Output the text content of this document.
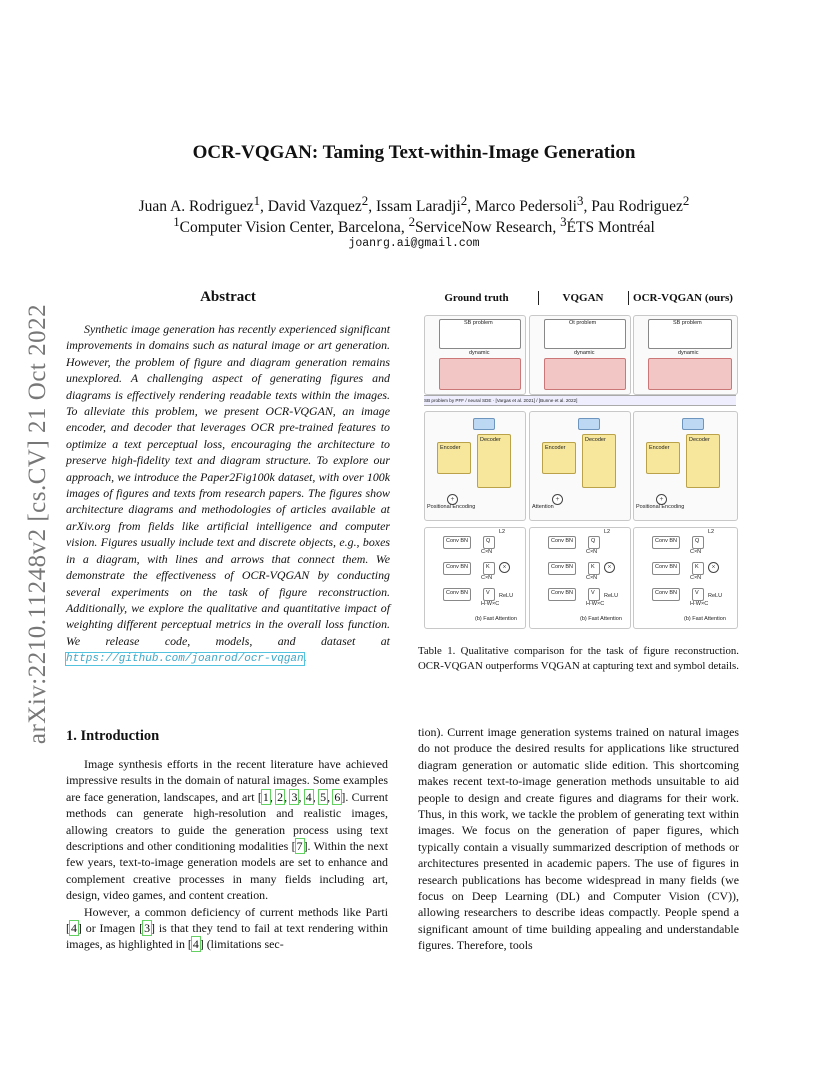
arXiv:2210.11248v2 [cs.CV] 21 Oct 2022
OCR-VQGAN: Taming Text-within-Image Generation
Juan A. Rodriguez$^1$, David Vazquez$^2$, Issam Laradji$^2$, Marco Pedersoli$^3$, Pau Rodriguez$^2$
$^1$Computer Vision Center, Barcelona, $^2$ServiceNow Research, $^3$ÉTS Montréal
joanrg.ai@gmail.com
Abstract

Synthetic image generation has recently experienced significant improvements in domains such as natural image or art generation. However, the problem of figure and diagram generation remains unexplored. A challenging aspect of generating figures and diagrams is effectively rendering readable texts within the images. To alleviate this problem, we present OCR-VQGAN, an image encoder, and decoder that leverages OCR pre-trained features to optimize a text perceptual loss, encouraging the architecture to preserve high-fidelity text and diagram structure. To explore our approach, we introduce the Paper2Fig100k dataset, with over 100k images of figures and texts from research papers. The figures show architecture diagrams and methodologies of articles available at arXiv.org from fields like artificial intelligence and computer vision. Figures usually include text and discrete objects, e.g., boxes in a diagram, with lines and arrows that connect them. We demonstrate the effectiveness of OCR-VQGAN by conducting several experiments on the task of figure reconstruction. Additionally, we explore the qualitative and quantitative impact of weighting different perceptual metrics in the overall loss function. We release code, models, and dataset at https://github.com/joanrod/ocr-vqgan.

Ground truth	VQGAN	OCR-VQGAN (ours)
SB problem
dynamic
Ot problem
dynamic
SB problem
dynamic
SB problem by PFF / neural SDE · [Vargas et al. 2021] / [Bunne et al. 2022]
Encoder
Decoder
+
Positional Encoding
Encoder
Decoder
+
Attention
Encoder
Decoder
+
Positional Encoding
Conv BN	Q
C×N
L2
Conv BN	K
C×N
×
Conv BN	V
H·W×C
ReLU
(b) Fast Attention
Conv BN	Q
C×N
L2
Conv BN	K
C×N
×
Conv BN	V
H·W×C
ReLU
(b) Fast Attention
Conv BN	Q
C×N
L2
Conv BN	K
C×N
×
Conv BN	V
H·W×C
ReLU
(b) Fast Attention

Table 1. Qualitative comparison for the task of figure reconstruction. OCR-VQGAN outperforms VQGAN at capturing text and symbol details.

1. Introduction

Image synthesis efforts in the recent literature have achieved impressive results in the domain of natural images. Some examples are face generation, landscapes, and art [1, 2, 3, 4, 5, 6]. Current methods can generate high-resolution and realistic images, allowing creators to guide the generation process using text descriptions and other conditioning modalities [7]. Within the next few years, text-to-image generation models are set to enhance and complement creative processes in many fields including art, design, video games, and content creation.

However, a common deficiency of current methods like Parti [4] or Imagen [3] is that they tend to fail at text rendering within images, as highlighted in [4] (limitations sec-

tion). Current image generation systems trained on natural images do not produce the desired results for applications like structured diagram generation or automatic slide edition. This shortcoming makes recent text-to-image generation methods unsuitable to aid people to design and create figures and diagrams for their work. Thus, in this work, we tackle the problem of generating text within images. We focus on the generation of paper figures, which typically contain a visually summarized description of methods or architectures presented in academic papers. The use of figures in research publications has become widespread in many fields (we focus on Deep Learning (DL) and Computer Vision (CV)), allowing researchers to describe ideas compactly. People spend a significant amount of time building appealing and understandable figures. Therefore, tools
